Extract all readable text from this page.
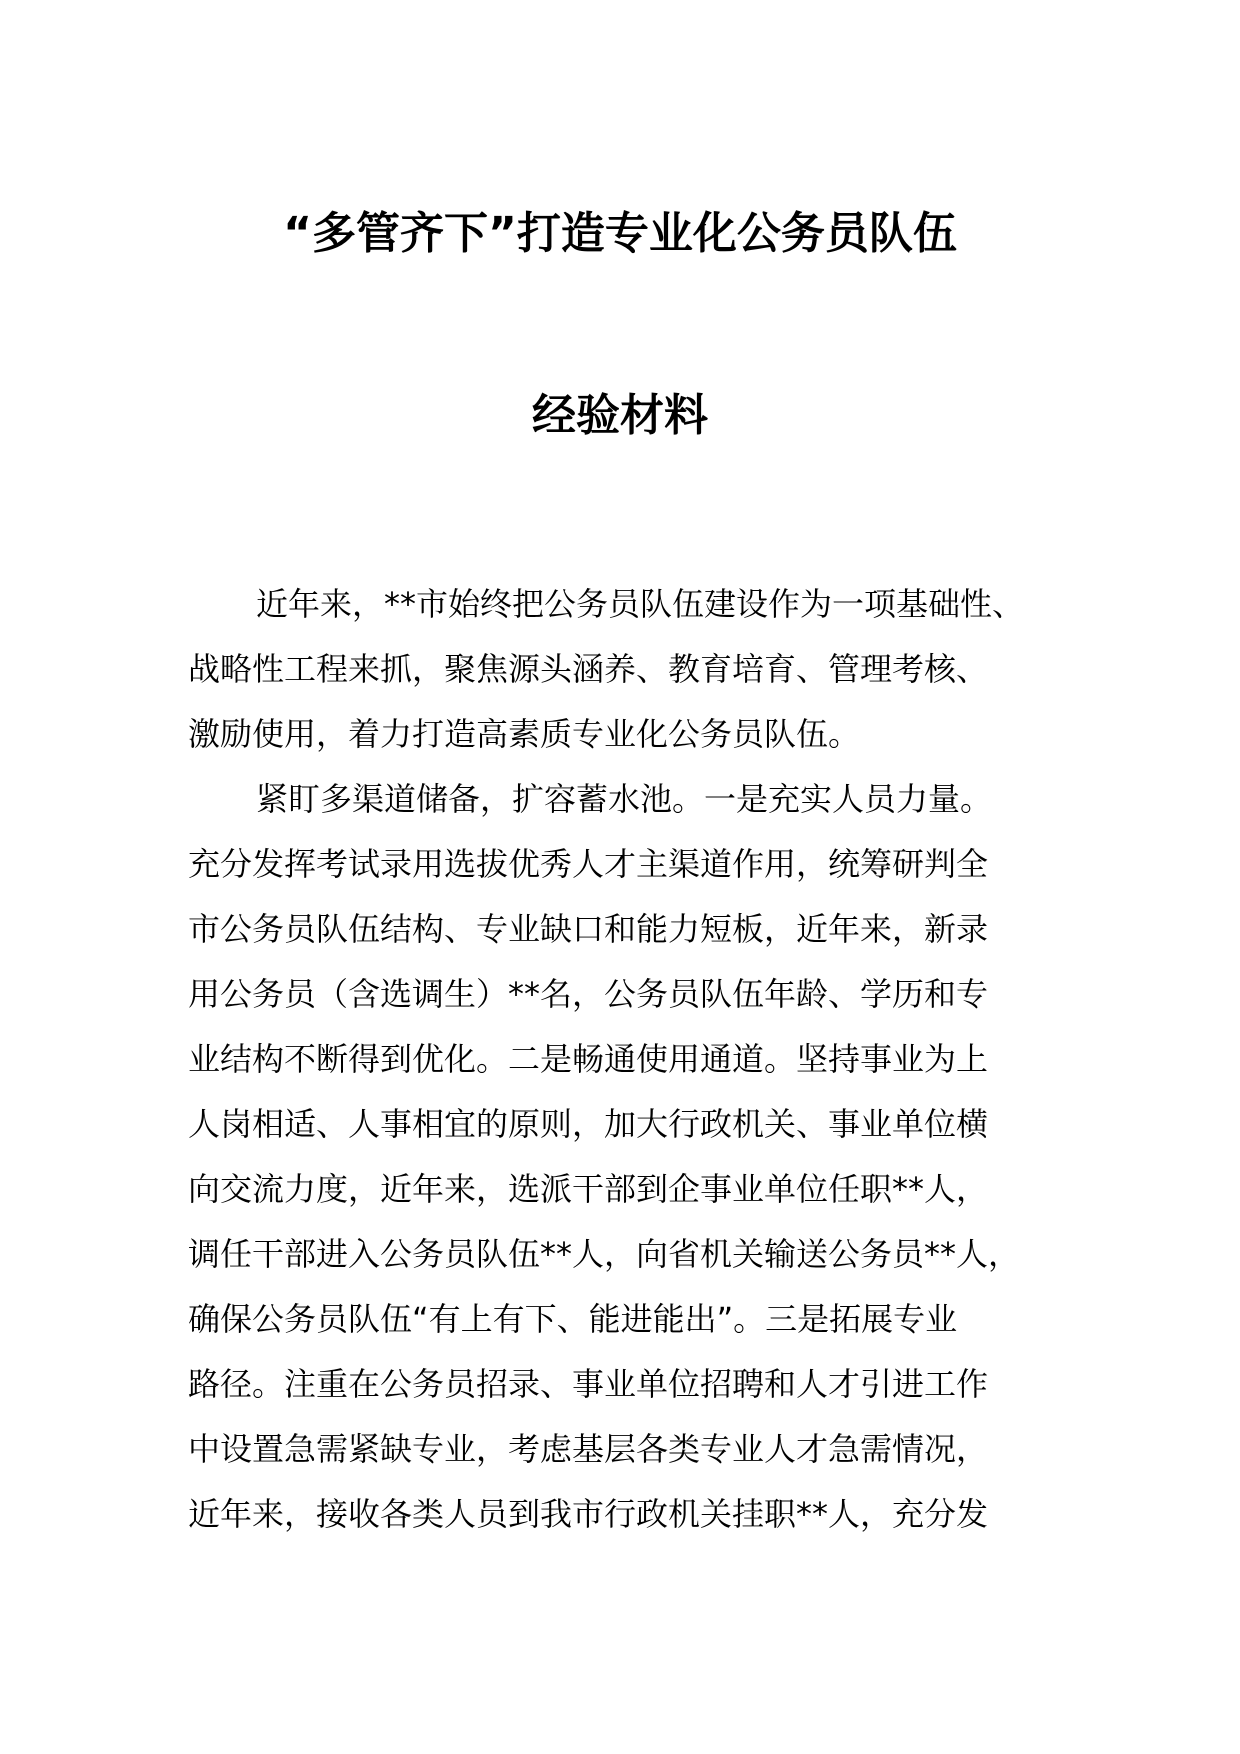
“多管齐下”打造专业化公务员队伍
经验材料
近年来，**市始终把公务员队伍建设作为一项基础性、
战略性工程来抓，聚焦源头涵养、教育培育、管理考核、
激励使用，着力打造高素质专业化公务员队伍。
紧盯多渠道储备，扩容蓄水池。一是充实人员力量。
充分发挥考试录用选拔优秀人才主渠道作用，统筹研判全
市公务员队伍结构、专业缺口和能力短板，近年来，新录
用公务员（含选调生）**名，公务员队伍年龄、学历和专
业结构不断得到优化。二是畅通使用通道。坚持事业为上
人岗相适、人事相宜的原则，加大行政机关、事业单位横
向交流力度，近年来，选派干部到企事业单位任职**人，
调任干部进入公务员队伍**人，向省机关输送公务员**人，
确保公务员队伍“有上有下、能进能出”。三是拓展专业
路径。注重在公务员招录、事业单位招聘和人才引进工作
中设置急需紧缺专业，考虑基层各类专业人才急需情况，
近年来，接收各类人员到我市行政机关挂职**人，充分发
